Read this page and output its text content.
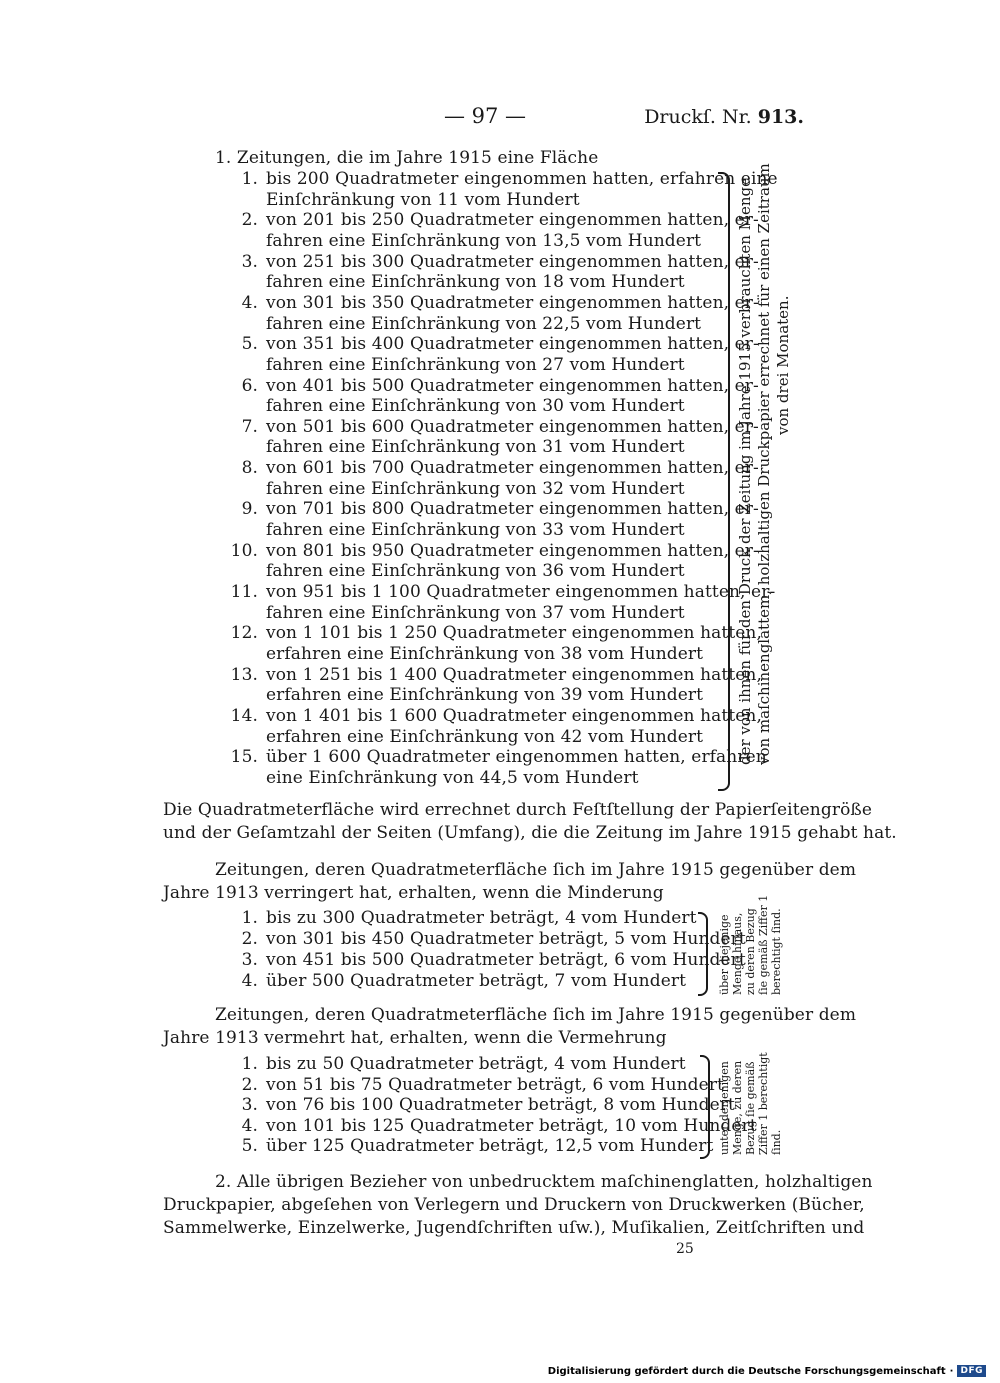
— 97 —	Druckſ. Nr. 913.
1. Zeitungen, die im Jahre 1915 eine Fläche
1. bis 200 Quadratmeter eingenommen hatten, erfahren eine
Einſchränkung von 11 vom Hundert
2. von 201 bis 250 Quadratmeter eingenommen hatten, er-
fahren eine Einſchränkung von 13,5 vom Hundert
3. von 251 bis 300 Quadratmeter eingenommen hatten, er-
fahren eine Einſchränkung von 18 vom Hundert
4. von 301 bis 350 Quadratmeter eingenommen hatten, er-
fahren eine Einſchränkung von 22,5 vom Hundert
5. von 351 bis 400 Quadratmeter eingenommen hatten, er-
fahren eine Einſchränkung von 27 vom Hundert
6. von 401 bis 500 Quadratmeter eingenommen hatten, er-
fahren eine Einſchränkung von 30 vom Hundert
7. von 501 bis 600 Quadratmeter eingenommen hatten, er-
fahren eine Einſchränkung von 31 vom Hundert
8. von 601 bis 700 Quadratmeter eingenommen hatten, er-
fahren eine Einſchränkung von 32 vom Hundert
9. von 701 bis 800 Quadratmeter eingenommen hatten, er-
fahren eine Einſchränkung von 33 vom Hundert
10. von 801 bis 950 Quadratmeter eingenommen hatten, er-
fahren eine Einſchränkung von 36 vom Hundert
11. von 951 bis 1 100 Quadratmeter eingenommen hatten, er-
fahren eine Einſchränkung von 37 vom Hundert
12. von 1 101 bis 1 250 Quadratmeter eingenommen hatten,
erfahren eine Einſchränkung von 38 vom Hundert
13. von 1 251 bis 1 400 Quadratmeter eingenommen hatten,
erfahren eine Einſchränkung von 39 vom Hundert
14. von 1 401 bis 1 600 Quadratmeter eingenommen hatten,
erfahren eine Einſchränkung von 42 vom Hundert
15. über 1 600 Quadratmeter eingenommen hatten, erfahren
eine Einſchränkung von 44,5 vom Hundert
der von ihnen für den Druck der Zeitung im Jahre 1915 verbrauchten Menge von maſchinenglattem, holzhaltigen Druckpapier errechnet für einen Zeitraum von drei Monaten.
Die Quadratmeterfläche wird errechnet durch Feſtſtellung der Papierſeitengröße
und der Geſamtzahl der Seiten (Umfang), die die Zeitung im Jahre 1915 gehabt hat.
Zeitungen, deren Quadratmeterfläche ſich im Jahre 1915 gegenüber dem
Jahre 1913 verringert hat, erhalten, wenn die Minderung
1. bis zu 300 Quadratmeter beträgt, 4 vom Hundert
2. von 301 bis 450 Quadratmeter beträgt, 5 vom Hundert
3. von 451 bis 500 Quadratmeter beträgt, 6 vom Hundert
4. über 500 Quadratmeter beträgt, 7 vom Hundert	über diejenige Menge hinaus, zu deren Bezug ſie gemäß Ziffer 1 berechtigt ſind.
Zeitungen, deren Quadratmeterfläche ſich im Jahre 1915 gegenüber dem
Jahre 1913 vermehrt hat, erhalten, wenn die Vermehrung
1. bis zu 50 Quadratmeter beträgt, 4 vom Hundert
2. von 51 bis 75 Quadratmeter beträgt, 6 vom Hundert
3. von 76 bis 100 Quadratmeter beträgt, 8 vom Hundert
4. von 101 bis 125 Quadratmeter beträgt, 10 vom Hundert
5. über 125 Quadratmeter beträgt, 12,5 vom Hundert unter derjenigen Menge, zu deren Bezug ſie gemäß Ziffer 1 berechtigt ſind.
2. Alle übrigen Bezieher von unbedrucktem maſchinenglatten, holzhaltigen
Druckpapier, abgeſehen von Verlegern und Druckern von Druckwerken (Bücher,
Sammelwerke, Einzelwerke, Jugendſchriften uſw.), Muſikalien, Zeitſchriften und
25
Digitalisierung gefördert durch die Deutsche Forschungsgemeinschaft · DFG
